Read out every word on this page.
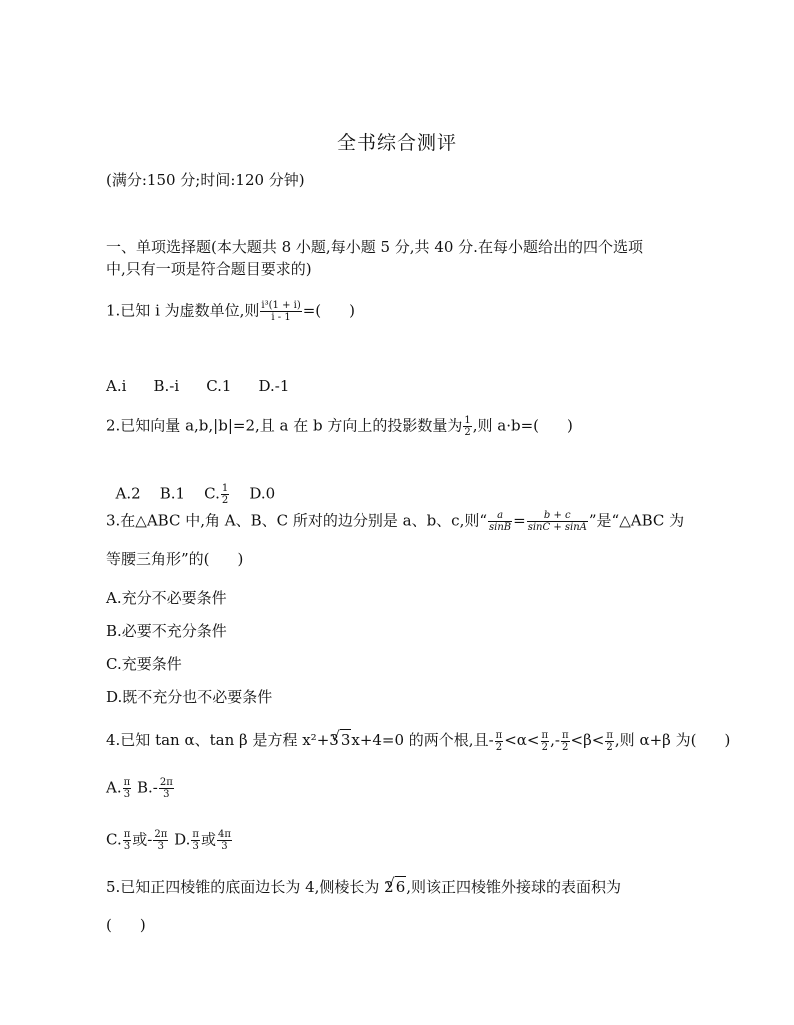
全书综合测评
(满分:150 分;时间:120 分钟)
一、单项选择题(本大题共 8 小题,每小题 5 分,共 40 分.在每小题给出的四个选项
中,只有一项是符合题目要求的)
1.已知 i 为虚数单位,则 $\frac{\text{i³(1 + i)}}{i - 1}$ =( )
A.i    B.-i    C.1    D.-1
2.已知向量 a,b,|b|=2,且 a 在 b 方向上的投影数量为 $\frac{1}{2}$ ,则 a·b=( )

A.2    B.1    C. $\frac{1}{2} D.0$

3.在△ABC 中,角 A、B、C 所对的边分别是 a、b、c,则“ $\frac{a}{\sin B} = \frac{b + c}{\sin C + \sin A}$ ”是“△ABC 为
等腰三角形”的( )
A.充分不必要条件
B.必要不充分条件
C.充要条件
D.既不充分也不必要条件
4.已知 tan α、tan β 是方程 x²+3 √ 3x+4=0 的两个根,且- $\frac{\pi}{2} <\alpha< \frac{\pi}{2}$ ,- $\frac{\pi}{2} <\beta< \frac{\pi}{2}$ ,则 α+β 为( )
A. $\frac{\pi}{3} B.- \frac{2\pi}{3}$
C. $\frac{\pi}{3}$ 或- $\frac{2\pi}{3} D$. $\frac{\pi}{3}$ 或 $\frac{4\pi}{3}$
5.已知正四棱锥的底面边长为 4,侧棱长为 2 √ 6,则该正四棱锥外接球的表面积为
( )
